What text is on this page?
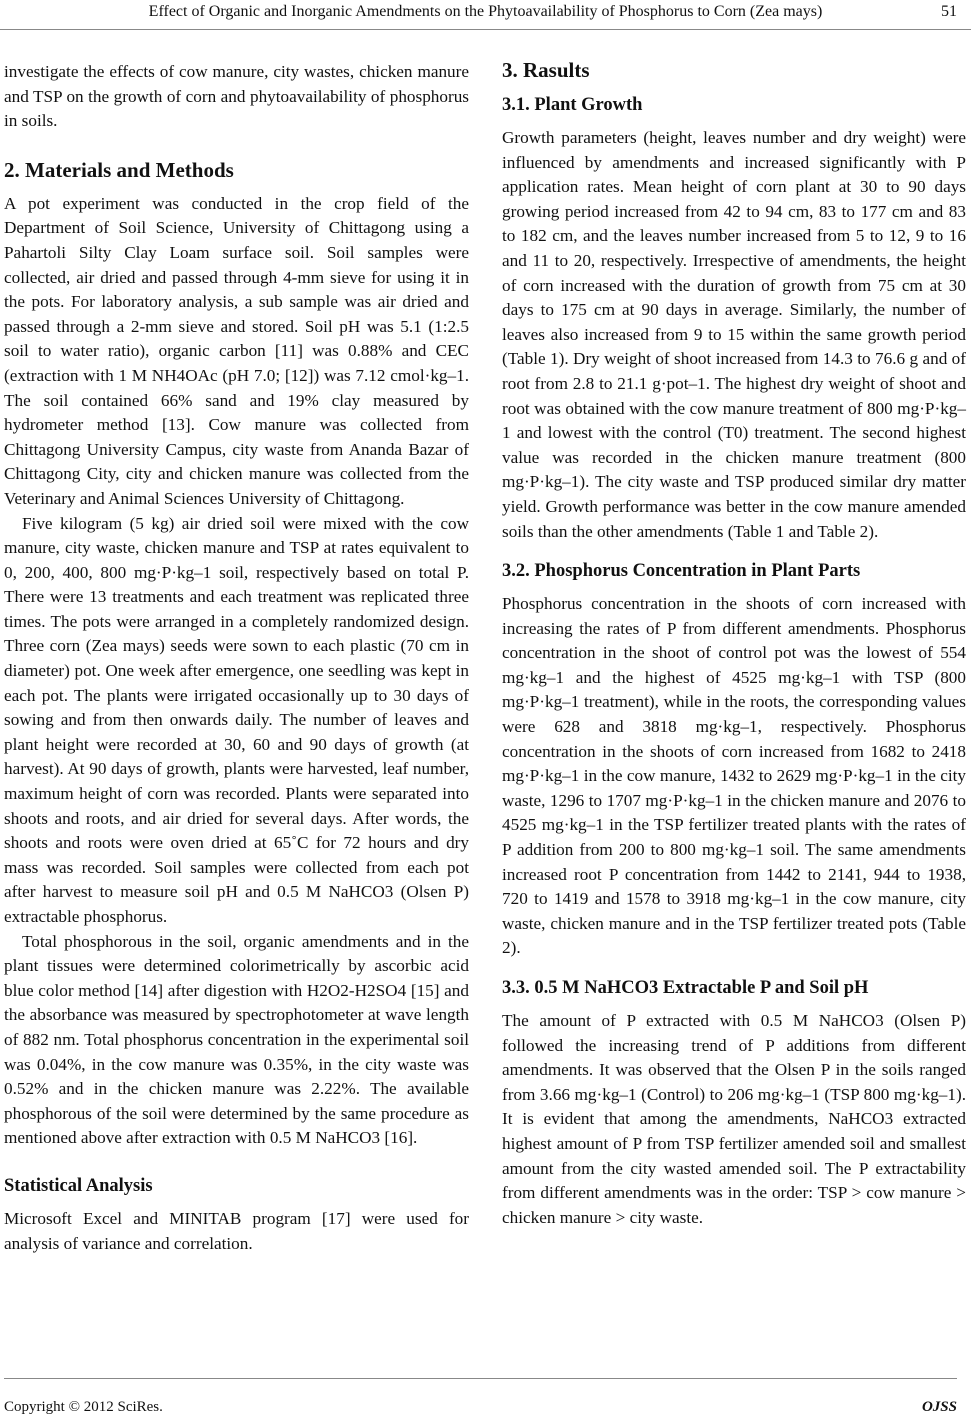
Effect of Organic and Inorganic Amendments on the Phytoavailability of Phosphorus to Corn (Zea mays)	51

investigate the effects of cow manure, city wastes, chicken manure and TSP on the growth of corn and phytoavailability of phosphorus in soils.

2. Materials and Methods

A pot experiment was conducted in the crop field of the Department of Soil Science, University of Chittagong using a Pahartoli Silty Clay Loam surface soil. Soil samples were collected, air dried and passed through 4-mm sieve for using it in the pots. For laboratory analysis, a sub sample was air dried and passed through a 2-mm sieve and stored. Soil pH was 5.1 (1:2.5 soil to water ratio), organic carbon [11] was 0.88% and CEC (extraction with 1 M NH4OAc (pH 7.0; [12]) was 7.12 cmol·kg–1. The soil contained 66% sand and 19% clay measured by hydrometer method [13]. Cow manure was collected from Chittagong University Campus, city waste from Ananda Bazar of Chittagong City, city and chicken manure was collected from the Veterinary and Animal Sciences University of Chittagong.

Five kilogram (5 kg) air dried soil were mixed with the cow manure, city waste, chicken manure and TSP at rates equivalent to 0, 200, 400, 800 mg·P·kg–1 soil, respectively based on total P. There were 13 treatments and each treatment was replicated three times. The pots were arranged in a completely randomized design. Three corn (Zea mays) seeds were sown to each plastic (70 cm in diameter) pot. One week after emergence, one seedling was kept in each pot. The plants were irrigated occasionally up to 30 days of sowing and from then onwards daily. The number of leaves and plant height were recorded at 30, 60 and 90 days of growth (at harvest). At 90 days of growth, plants were harvested, leaf number, maximum height of corn was recorded. Plants were separated into shoots and roots, and air dried for several days. After words, the shoots and roots were oven dried at 65˚C for 72 hours and dry mass was recorded. Soil samples were collected from each pot after harvest to measure soil pH and 0.5 M NaHCO3 (Olsen P) extractable phosphorus.

Total phosphorous in the soil, organic amendments and in the plant tissues were determined colorimetrically by ascorbic acid blue color method [14] after digestion with H2O2-H2SO4 [15] and the absorbance was measured by spectrophotometer at wave length of 882 nm. Total phosphorus concentration in the experimental soil was 0.04%, in the cow manure was 0.35%, in the city waste was 0.52% and in the chicken manure was 2.22%. The available phosphorous of the soil were determined by the same procedure as mentioned above after extraction with 0.5 M NaHCO3 [16].

Statistical Analysis

Microsoft Excel and MINITAB program [17] were used for analysis of variance and correlation.

3. Rasults
3.1. Plant Growth

Growth parameters (height, leaves number and dry weight) were influenced by amendments and increased significantly with P application rates. Mean height of corn plant at 30 to 90 days growing period increased from 42 to 94 cm, 83 to 177 cm and 83 to 182 cm, and the leaves number increased from 5 to 12, 9 to 16 and 11 to 20, respectively. Irrespective of amendments, the height of corn increased with the duration of growth from 75 cm at 30 days to 175 cm at 90 days in average. Similarly, the number of leaves also increased from 9 to 15 within the same growth period (Table 1). Dry weight of shoot increased from 14.3 to 76.6 g and of root from 2.8 to 21.1 g·pot–1. The highest dry weight of shoot and root was obtained with the cow manure treatment of 800 mg·P·kg–1 and lowest with the control (T0) treatment. The second highest value was recorded in the chicken manure treatment (800 mg·P·kg–1). The city waste and TSP produced similar dry matter yield. Growth performance was better in the cow manure amended soils than the other amendments (Table 1 and Table 2).

3.2. Phosphorus Concentration in Plant Parts

Phosphorus concentration in the shoots of corn increased with increasing the rates of P from different amendments. Phosphorus concentration in the shoot of control pot was the lowest of 554 mg·kg–1 and the highest of 4525 mg·kg–1 with TSP (800 mg·P·kg–1 treatment), while in the roots, the corresponding values were 628 and 3818 mg·kg–1, respectively. Phosphorus concentration in the shoots of corn increased from 1682 to 2418 mg·P·kg–1 in the cow manure, 1432 to 2629 mg·P·kg–1 in the city waste, 1296 to 1707 mg·P·kg–1 in the chicken manure and 2076 to 4525 mg·kg–1 in the TSP fertilizer treated plants with the rates of P addition from 200 to 800 mg·kg–1 soil. The same amendments increased root P concentration from 1442 to 2141, 944 to 1938, 720 to 1419 and 1578 to 3918 mg·kg–1 in the cow manure, city waste, chicken manure and in the TSP fertilizer treated pots (Table 2).

3.3. 0.5 M NaHCO3 Extractable P and Soil pH

The amount of P extracted with 0.5 M NaHCO3 (Olsen P) followed the increasing trend of P additions from different amendments. It was observed that the Olsen P in the soils ranged from 3.66 mg·kg–1 (Control) to 206 mg·kg–1 (TSP 800 mg·kg–1). It is evident that among the amendments, NaHCO3 extracted highest amount of P from TSP fertilizer amended soil and smallest amount from the city wasted amended soil. The P extractability from different amendments was in the order: TSP > cow manure > chicken manure > city waste.

Copyright © 2012 SciRes.	OJSS
